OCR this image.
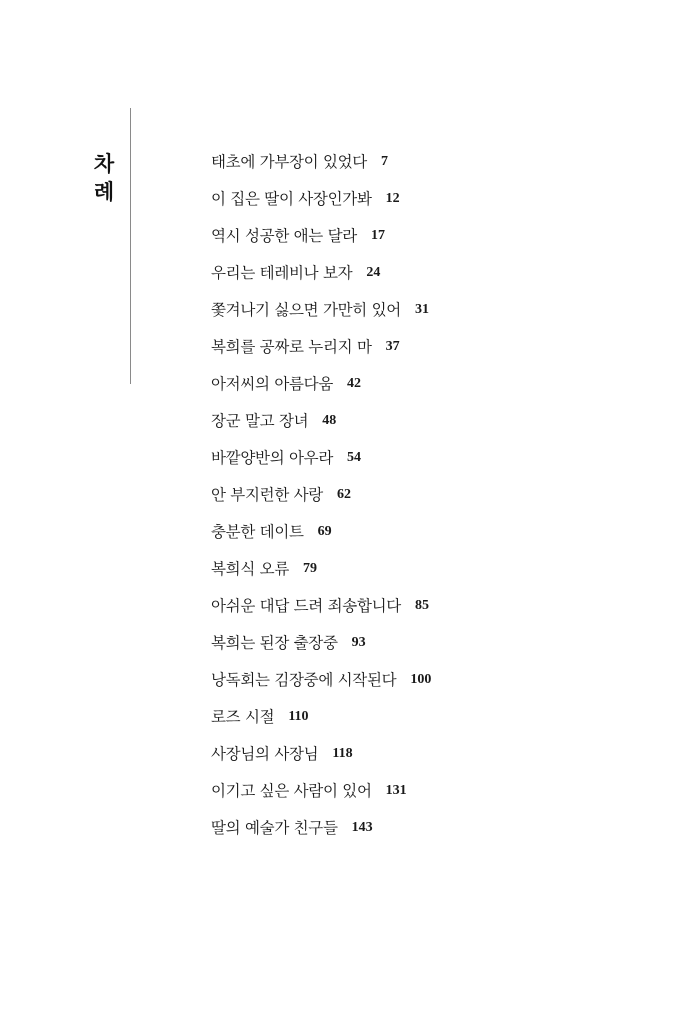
차
례
태초에 가부장이 있었다 7
이 집은 딸이 사장인가봐 12
역시 성공한 애는 달라 17
우리는 테레비나 보자 24
쫓겨나기 싫으면 가만히 있어 31
복희를 공짜로 누리지 마 37
아저씨의 아름다움 42
장군 말고 장녀 48
바깥양반의 아우라 54
안 부지런한 사랑 62
충분한 데이트 69
복희식 오류 79
아쉬운 대답 드려 죄송합니다 85
복희는 된장 출장중 93
낭독회는 김장중에 시작된다 100
로즈 시절 110
사장님의 사장님 118
이기고 싶은 사람이 있어 131
딸의 예술가 친구들 143
